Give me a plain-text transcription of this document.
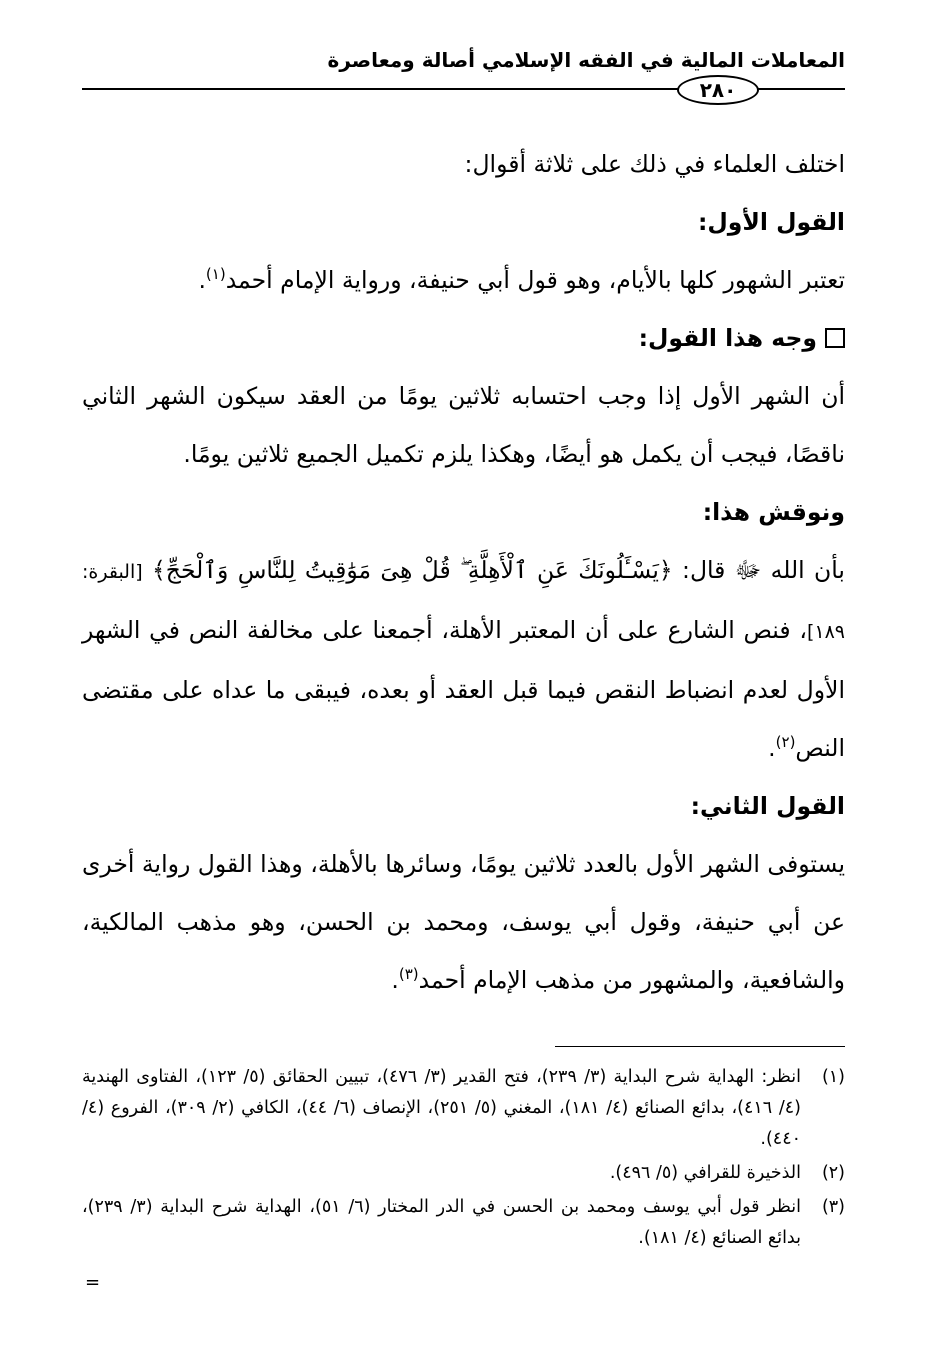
المعاملات المالية في الفقه الإسلامي أصالة ومعاصرة
٢٨٠

اختلف العلماء في ذلك على ثلاثة أقوال:

القول الأول:

تعتبر الشهور كلها بالأيام، وهو قول أبي حنيفة، ورواية الإمام أحمد$^{(١)}$.

وجه هذا القول:

أن الشهر الأول إذا وجب احتسابه ثلاثين يومًا من العقد سيكون الشهر الثاني ناقصًا، فيجب أن يكمل هو أيضًا، وهكذا يلزم تكميل الجميع ثلاثين يومًا.

ونوقش هذا:

بأن الله ﷻ قال: ﴿يَسْـَٔلُونَكَ عَنِ ٱلْأَهِلَّةِ ۖ قُلْ هِىَ مَوَٰقِيتُ لِلنَّاسِ وَٱلْحَجِّ﴾ [البقرة: ١٨٩]، فنص الشارع على أن المعتبر الأهلة، أجمعنا على مخالفة النص في الشهر الأول لعدم انضباط النقص فيما قبل العقد أو بعده، فيبقى ما عداه على مقتضى النص$^{(٢)}$.

القول الثاني:

يستوفى الشهر الأول بالعدد ثلاثين يومًا، وسائرها بالأهلة، وهذا القول رواية أخرى عن أبي حنيفة، وقول أبي يوسف، ومحمد بن الحسن، وهو مذهب المالكية، والشافعية، والمشهور من مذهب الإمام أحمد$^{(٣)}$.

(١)
انظر: الهداية شرح البداية (٣/ ٢٣٩)، فتح القدير (٣/ ٤٧٦)، تبيين الحقائق (٥/ ١٢٣)، الفتاوى الهندية (٤/ ٤١٦)، بدائع الصنائع (٤/ ١٨١)، المغني (٥/ ٢٥١)، الإنصاف (٦/ ٤٤)، الكافي (٢/ ٣٠٩)، الفروع (٤/ ٤٤٠).
(٢)
الذخيرة للقرافي (٥/ ٤٩٦).
(٣)
انظر قول أبي يوسف ومحمد بن الحسن في الدر المختار (٦/ ٥١)، الهداية شرح البداية (٣/ ٢٣٩)، بدائع الصنائع (٤/ ١٨١).
=
